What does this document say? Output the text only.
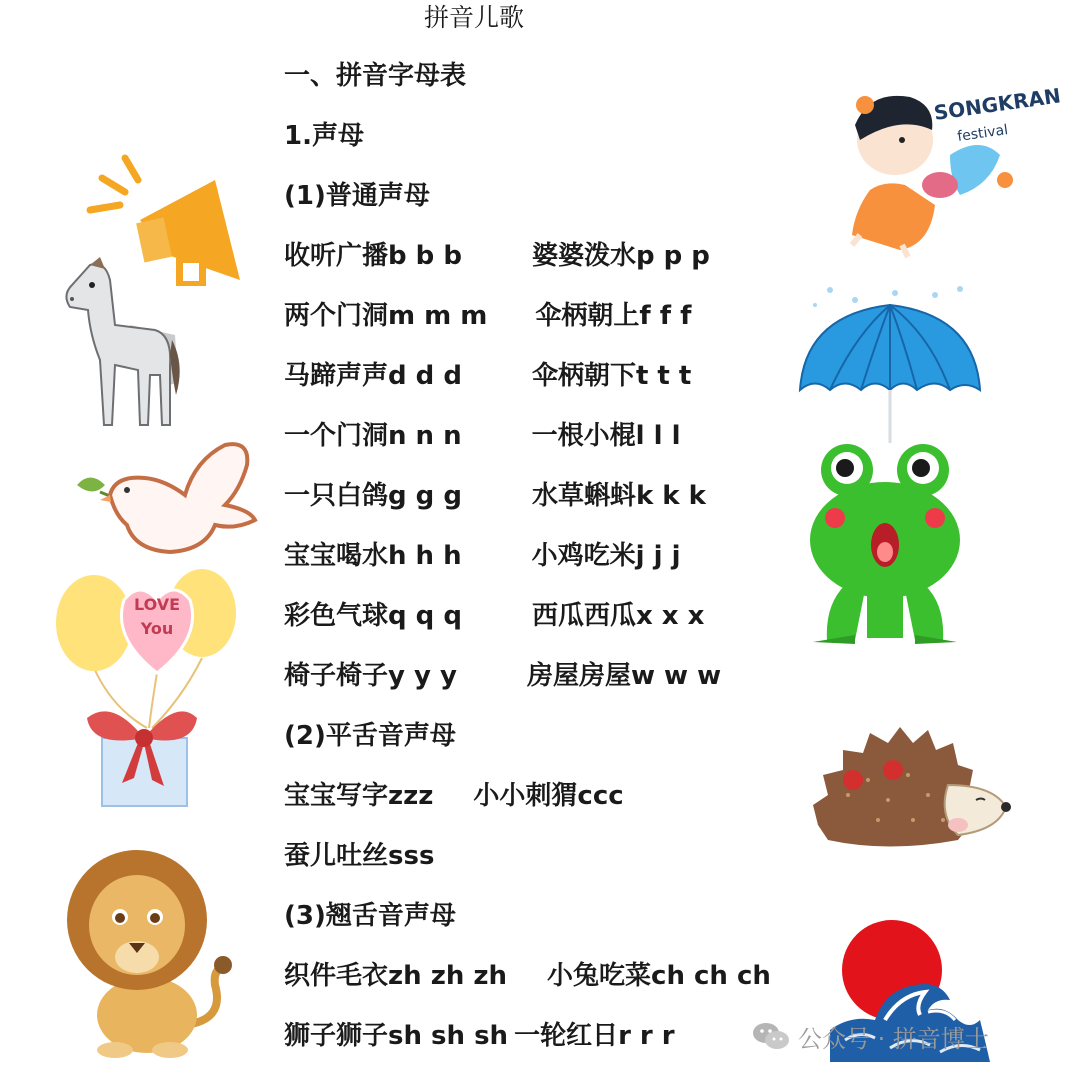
拼音儿歌
一、拼音字母表
1.声母
(1)普通声母
收听广播b b b	婆婆泼水p p p
两个门洞m m m 伞柄朝上f f f
马蹄声声d d d	伞柄朝下t t t
一个门洞n n n	一根小棍l l l
一只白鸽g g g	水草蝌蚪k k k
宝宝喝水h h h	小鸡吃米j j j
彩色气球q q q	西瓜西瓜x x x
椅子椅子y y y	房屋房屋w w w
(2)平舌音声母
宝宝写字zzz 小小刺猬ccc
蚕儿吐丝sss
(3)翘舌音声母
织件毛衣zh zh zh 小兔吃菜ch ch ch
狮子狮子sh sh sh 一轮红日r r r
LOVE
You
SONGKRAN
festival
公众号 · 拼音博士
